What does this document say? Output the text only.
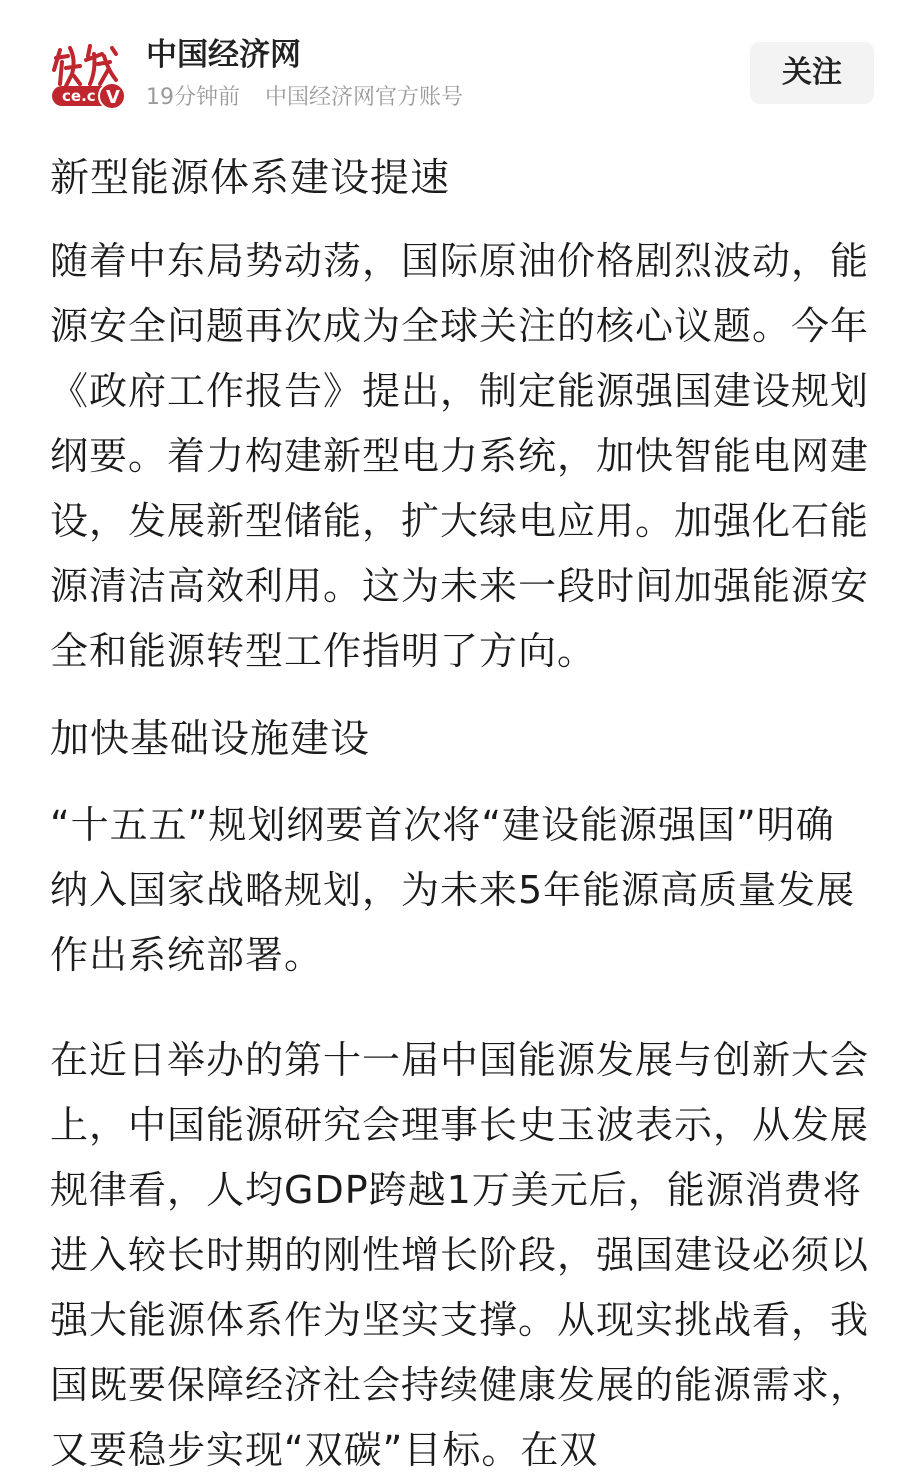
ce.c V
中国经济网
19分钟前 中国经济网官方账号
关注
新型能源体系建设提速

随着中东局势动荡，国际原油价格剧烈波动，能源安全问题再次成为全球关注的核心议题。今年《政府工作报告》提出，制定能源强国建设规划纲要。着力构建新型电力系统，加快智能电网建设，发展新型储能，扩大绿电应用。加强化石能源清洁高效利用。这为未来一段时间加强能源安全和能源转型工作指明了方向。

加快基础设施建设

“十五五”规划纲要首次将“建设能源强国”明确纳入国家战略规划，为未来5年能源高质量发展作出系统部署。

在近日举办的第十一届中国能源发展与创新大会上，中国能源研究会理事长史玉波表示，从发展规律看，人均GDP跨越1万美元后，能源消费将进入较长时期的刚性增长阶段，强国建设必须以强大能源体系作为坚实支撑。从现实挑战看，我国既要保障经济社会持续健康发展的能源需求，又要稳步实现“双碳”目标。在双
